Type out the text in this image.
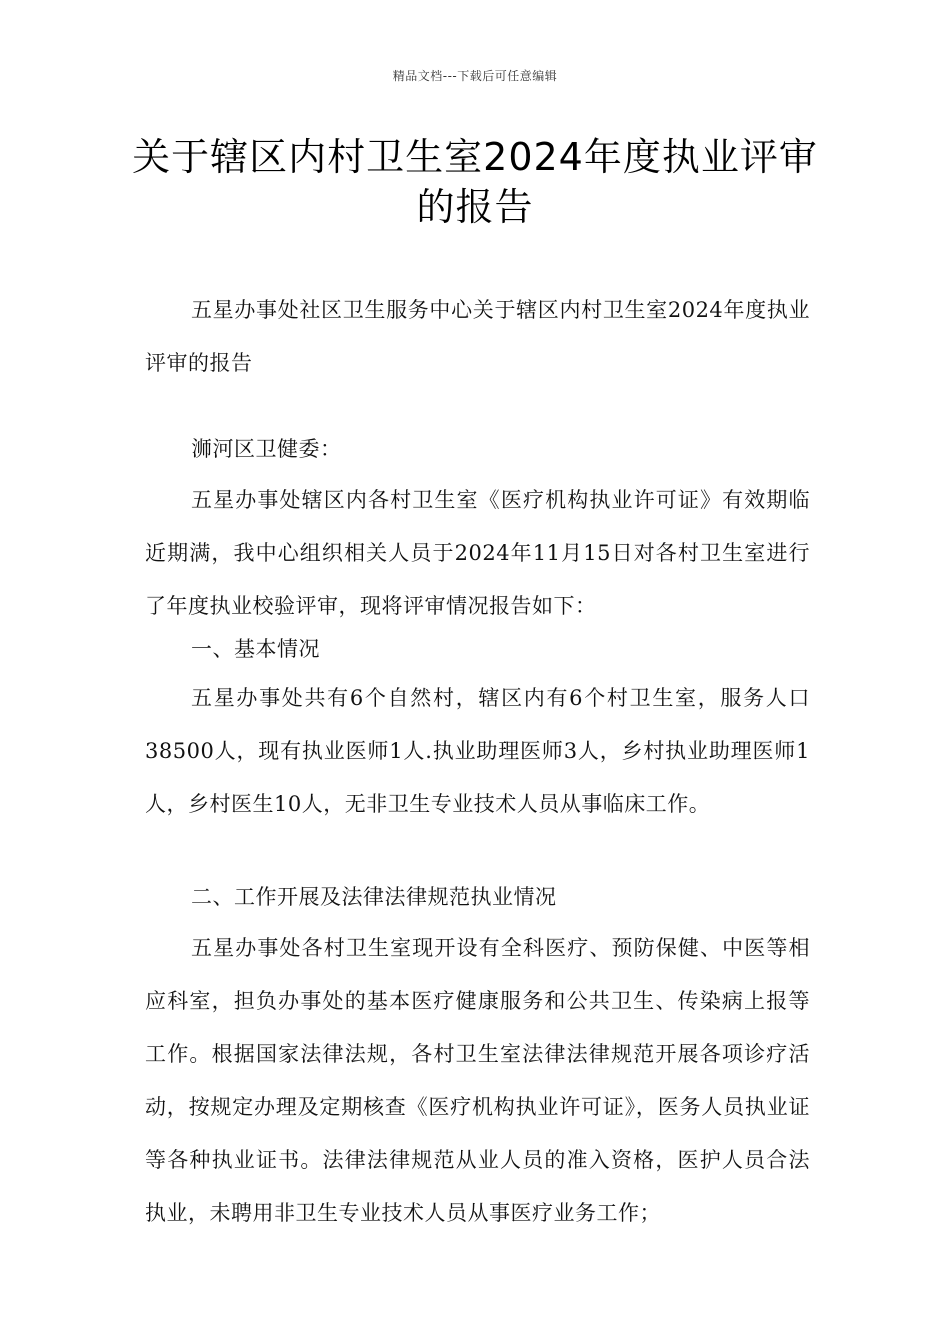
精品文档---下载后可任意编辑
关于辖区内村卫生室2024年度执业评审的报告

五星办事处社区卫生服务中心关于辖区内村卫生室2024年度执业评审的报告

浉河区卫健委：

五星办事处辖区内各村卫生室《医疗机构执业许可证》有效期临近期满，我中心组织相关人员于2024年11月15日对各村卫生室进行了年度执业校验评审，现将评审情况报告如下：

一、基本情况

五星办事处共有6个自然村，辖区内有6个村卫生室，服务人口38500人，现有执业医师1人.执业助理医师3人，乡村执业助理医师1人，乡村医生10人，无非卫生专业技术人员从事临床工作。

二、工作开展及法律法律规范执业情况

五星办事处各村卫生室现开设有全科医疗、预防保健、中医等相应科室，担负办事处的基本医疗健康服务和公共卫生、传染病上报等工作。根据国家法律法规，各村卫生室法律法律规范开展各项诊疗活动，按规定办理及定期核查《医疗机构执业许可证》，医务人员执业证等各种执业证书。法律法律规范从业人员的准入资格，医护人员合法执业，未聘用非卫生专业技术人员从事医疗业务工作；
